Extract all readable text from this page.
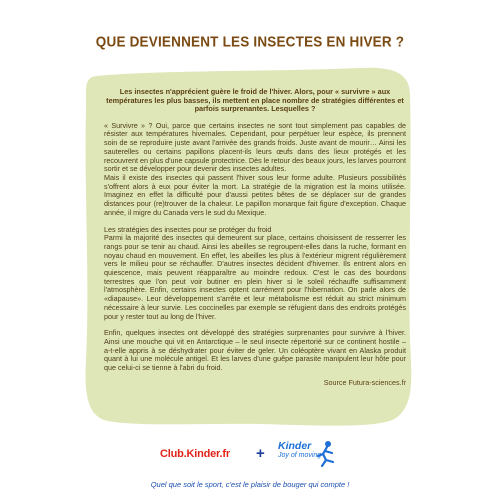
QUE DEVIENNENT LES INSECTES EN HIVER ?

Les insectes n'apprécient guère le froid de l'hiver. Alors, pour « survivre » aux températures les plus basses, ils mettent en place nombre de stratégies différentes et parfois surprenantes. Lesquelles ?

« Survivre » ? Oui, parce que certains insectes ne sont tout simplement pas capables de résister aux températures hivernales. Cependant, pour perpétuer leur espèce, ils prennent soin de se reproduire juste avant l'arrivée des grands froids. Juste avant de mourir… Ainsi les sauterelles ou certains papillons placent-ils leurs œufs dans des lieux protégés et les recouvrent en plus d'une capsule protectrice. Dès le retour des beaux jours, les larves pourront sortir et se développer pour devenir des insectes adultes.

Mais il existe des insectes qui passent l'hiver sous leur forme adulte. Plusieurs possibilités s'offrent alors à eux pour éviter la mort. La stratégie de la migration est la moins utilisée. Imaginez en effet la difficulté pour d'aussi petites bêtes de se déplacer sur de grandes distances pour (re)trouver de la chaleur. Le papillon monarque fait figure d'exception. Chaque année, il migre du Canada vers le sud du Mexique.

Les stratégies des insectes pour se protéger du froid

Parmi la majorité des insectes qui demeurent sur place, certains choisissent de resserrer les rangs pour se tenir au chaud. Ainsi les abeilles se regroupent-elles dans la ruche, formant en noyau chaud en mouvement. En effet, les abeilles les plus à l'extérieur migrent régulièrement vers le milieu pour se réchauffer. D'autres insectes décident d'hiverner. Ils entrent alors en quiescence, mais peuvent réapparaître au moindre redoux. C'est le cas des bourdons terrestres que l'on peut voir butiner en plein hiver si le soleil réchauffe suffisamment l'atmosphère. Enfin, certains insectes optent carrément pour l'hibernation. On parle alors de «diapause». Leur développement s'arrête et leur métabolisme est réduit au strict minimum nécessaire à leur survie. Les coccinelles par exemple se réfugient dans des endroits protégés pour y rester tout au long de l'hiver.

Enfin, quelques insectes ont développé des stratégies surprenantes pour survivre à l'hiver. Ainsi une mouche qui vit en Antarctique – le seul insecte répertorié sur ce continent hostile – a-t-elle appris à se déshydrater pour éviter de geler. Un coléoptère vivant en Alaska produit quant à lui une molécule antigel. Et les larves d'une guêpe parasite manipulent leur hôte pour que celui-ci se tienne à l'abri du froid.

Source Futura-sciences.fr

Club.Kinder.fr + Kinder
Joy of moving
Quel que soit le sport, c'est le plaisir de bouger qui compte !
